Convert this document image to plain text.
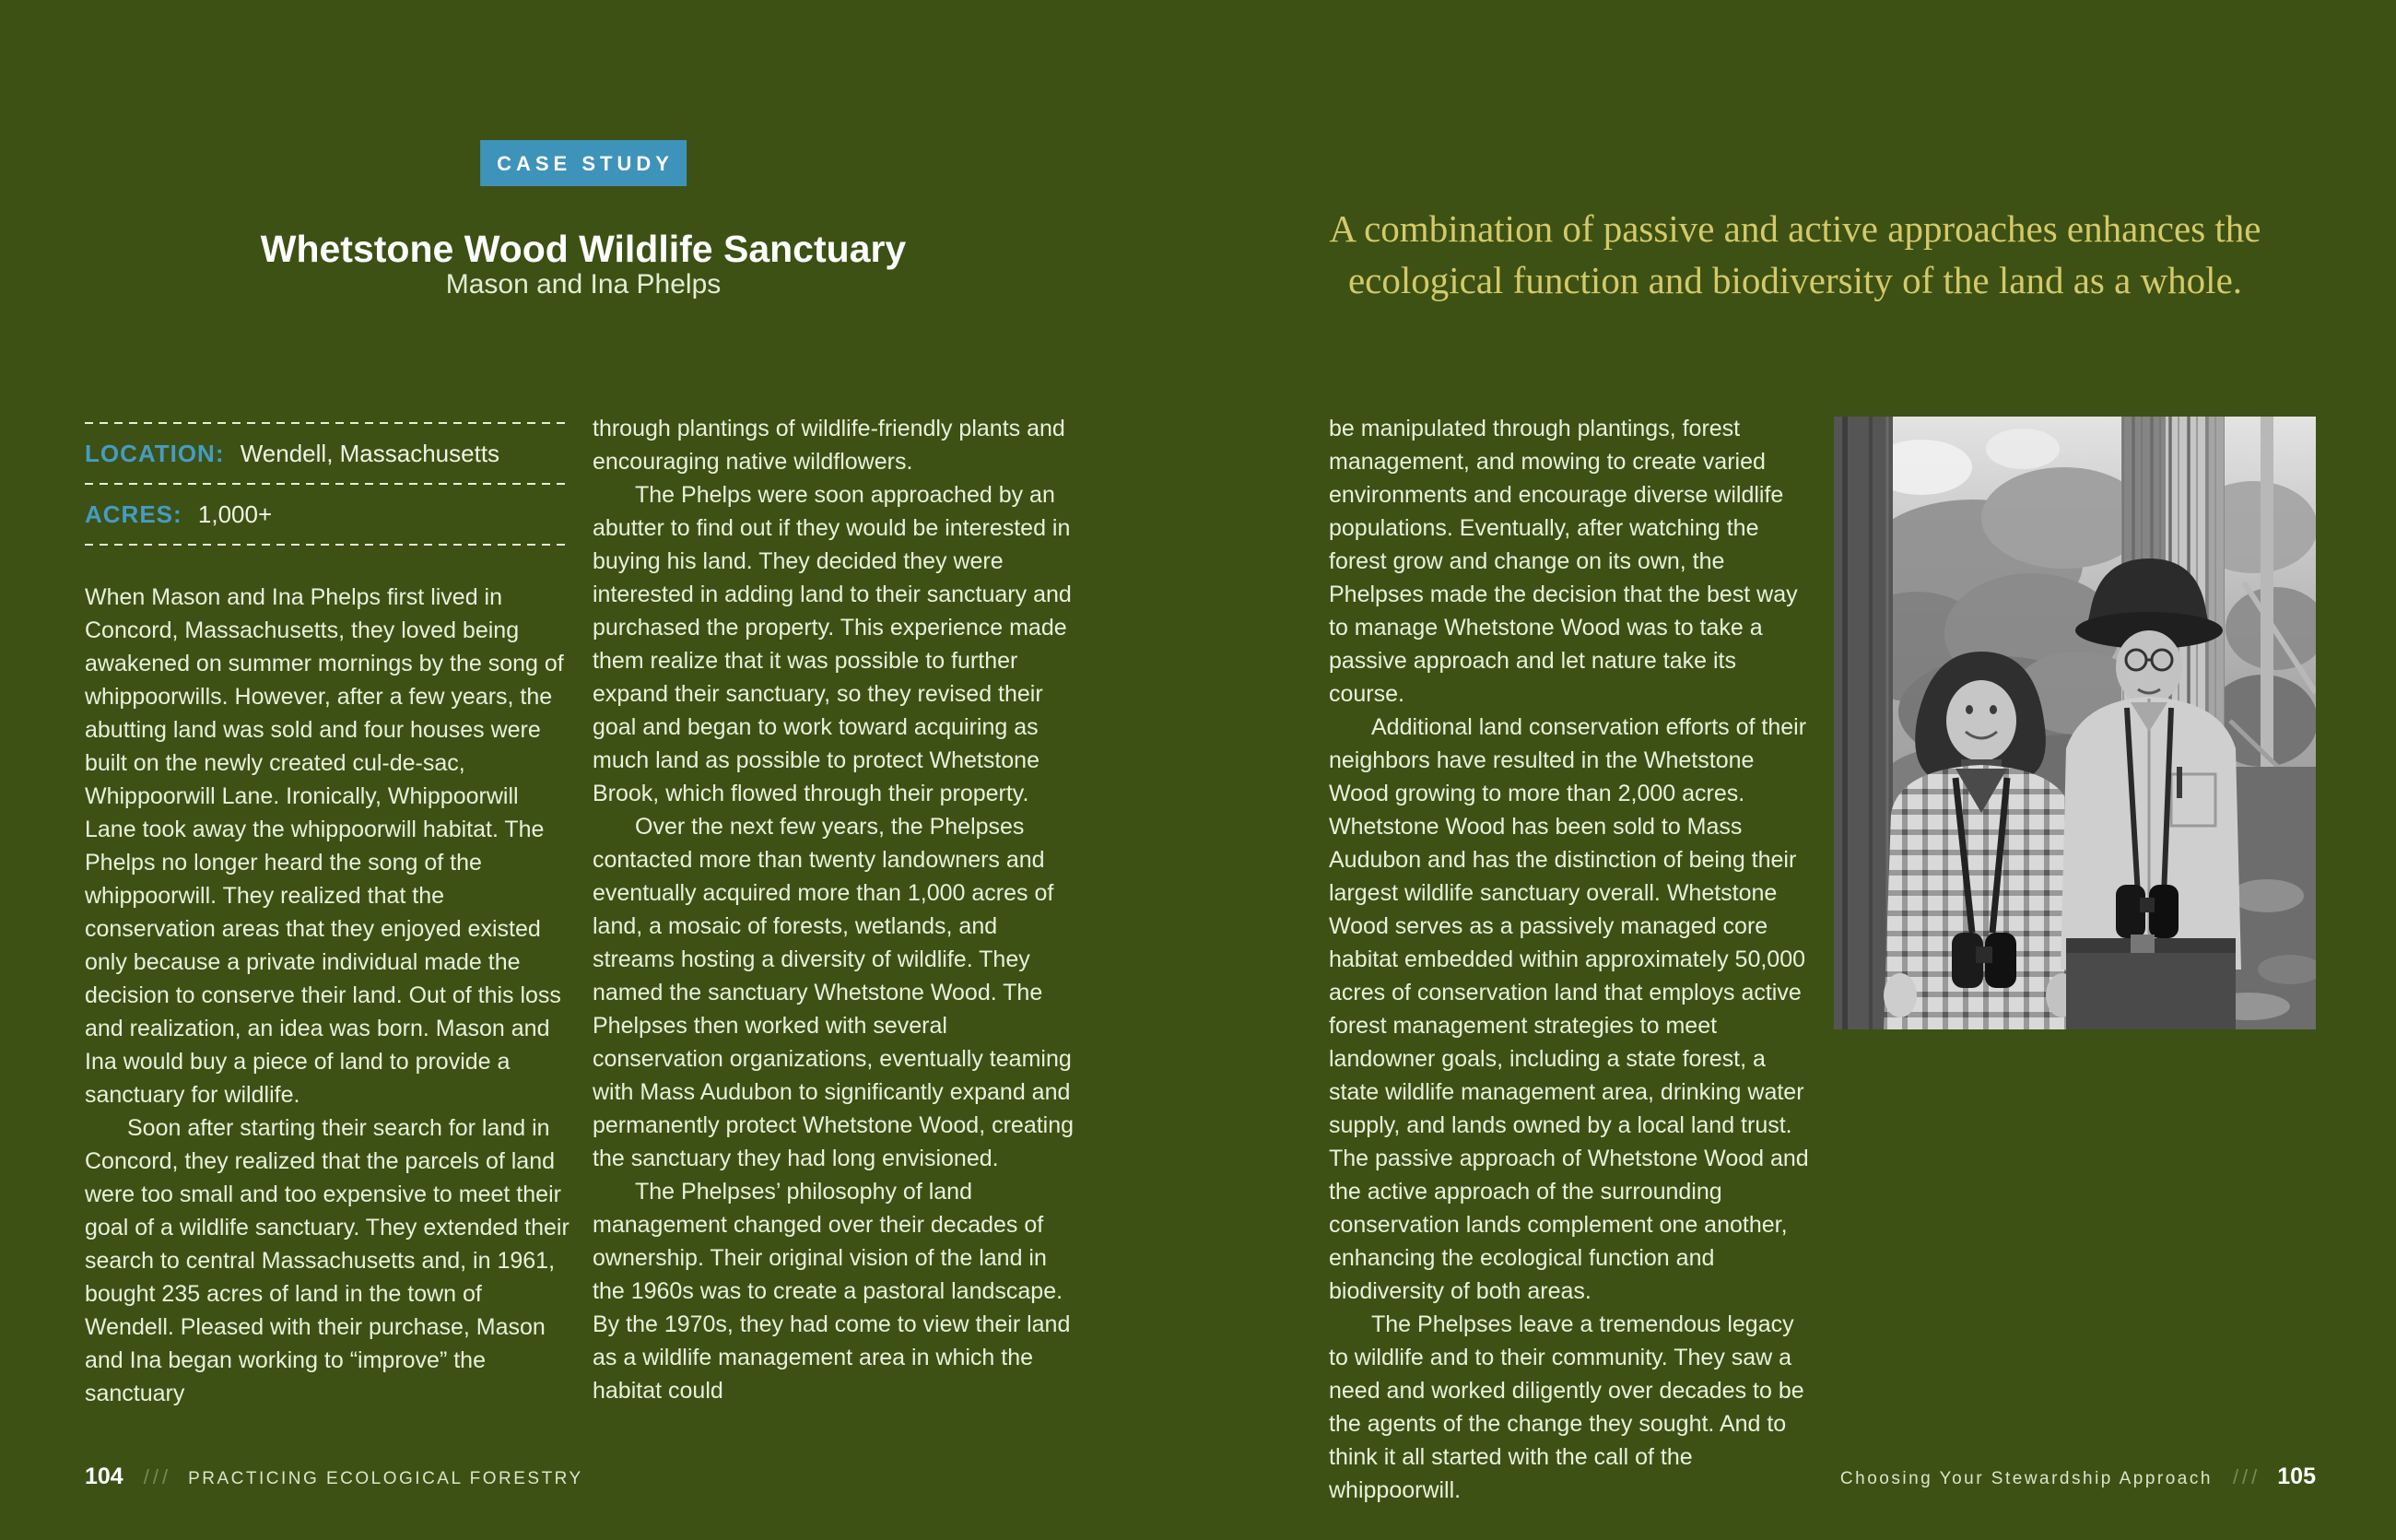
CASE STUDY
Whetstone Wood Wildlife Sanctuary
Mason and Ina Phelps
LOCATION: Wendell, Massachusetts
ACRES: 1,000+

When Mason and Ina Phelps first lived in Concord, Massachusetts, they loved being awakened on summer mornings by the song of whippoorwills. However, after a few years, the abutting land was sold and four houses were built on the newly created cul-de-sac, Whippoorwill Lane. Ironically, Whippoorwill Lane took away the whippoorwill habitat. The Phelps no longer heard the song of the whippoorwill. They realized that the conservation areas that they enjoyed existed only because a private individual made the decision to conserve their land. Out of this loss and realization, an idea was born. Mason and Ina would buy a piece of land to provide a sanctuary for wildlife.

Soon after starting their search for land in Concord, they realized that the parcels of land were too small and too expensive to meet their goal of a wildlife sanctuary. They extended their search to central Massachusetts and, in 1961, bought 235 acres of land in the town of Wendell. Pleased with their purchase, Mason and Ina began working to “improve” the sanctuary

through plantings of wildlife-friendly plants and encouraging native wildflowers.

The Phelps were soon approached by an abutter to find out if they would be interested in buying his land. They decided they were interested in adding land to their sanctuary and purchased the property. This experience made them realize that it was possible to further expand their sanctuary, so they revised their goal and began to work toward acquiring as much land as possible to protect Whetstone Brook, which flowed through their property.

Over the next few years, the Phelpses contacted more than twenty landowners and eventually acquired more than 1,000 acres of land, a mosaic of forests, wetlands, and streams hosting a diversity of wildlife. They named the sanctuary Whetstone Wood. The Phelpses then worked with several conservation organizations, eventually teaming with Mass Audubon to significantly expand and permanently protect Whetstone Wood, creating the sanctuary they had long envisioned.

The Phelpses’ philosophy of land management changed over their decades of ownership. Their original vision of the land in the 1960s was to create a pastoral landscape. By the 1970s, they had come to view their land as a wildlife management area in which the habitat could

104 /// PRACTICING ECOLOGICAL FORESTRY
A combination of passive and active approaches enhances the ecological function and biodiversity of the land as a whole.

be manipulated through plantings, forest management, and mowing to create varied environments and encourage diverse wildlife populations. Eventually, after watching the forest grow and change on its own, the Phelpses made the decision that the best way to manage Whetstone Wood was to take a passive approach and let nature take its course.

Additional land conservation efforts of their neighbors have resulted in the Whetstone Wood growing to more than 2,000 acres. Whetstone Wood has been sold to Mass Audubon and has the distinction of being their largest wildlife sanctuary overall. Whetstone Wood serves as a passively managed core habitat embedded within approximately 50,000 acres of conservation land that employs active forest management strategies to meet landowner goals, including a state forest, a state wildlife management area, drinking water supply, and lands owned by a local land trust. The passive approach of Whetstone Wood and the active approach of the surrounding conservation lands complement one another, enhancing the ecological function and biodiversity of both areas.

The Phelpses leave a tremendous legacy to wildlife and to their community. They saw a need and worked diligently over decades to be the agents of the change they sought. And to think it all started with the call of the whippoorwill.	Choosing Your Stewardship Approach /// 105
